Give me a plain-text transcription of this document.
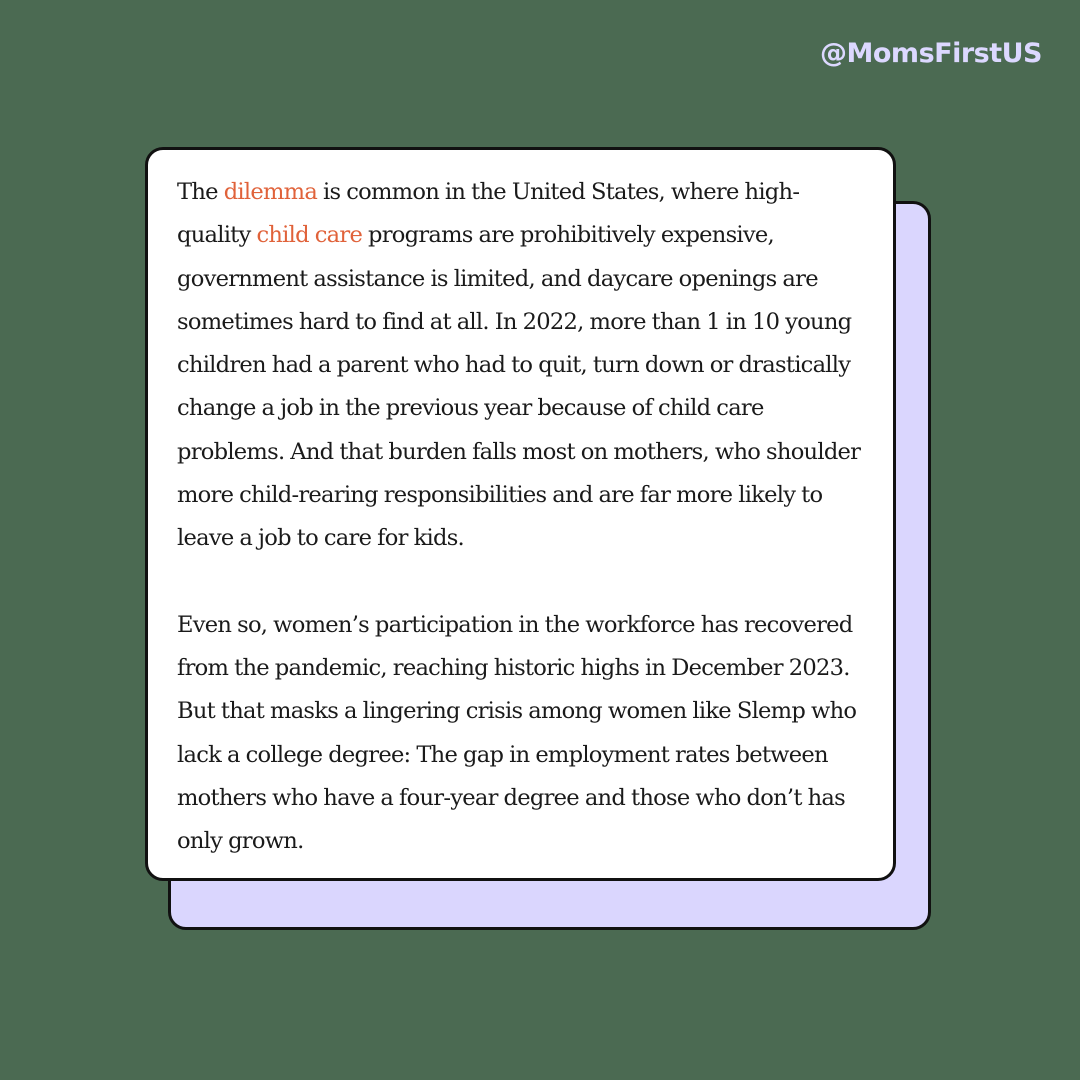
@MomsFirstUS

The dilemma is common in the United States, where high-quality child care programs are prohibitively expensive, government assistance is limited, and daycare openings are sometimes hard to find at all. In 2022, more than 1 in 10 young children had a parent who had to quit, turn down or drastically change a job in the previous year because of child care problems. And that burden falls most on mothers, who shoulder more child-rearing responsibilities and are far more likely to leave a job to care for kids.

Even so, women’s participation in the workforce has recovered from the pandemic, reaching historic highs in December 2023. But that masks a lingering crisis among women like Slemp who lack a college degree: The gap in employment rates between mothers who have a four-year degree and those who don’t has only grown.
